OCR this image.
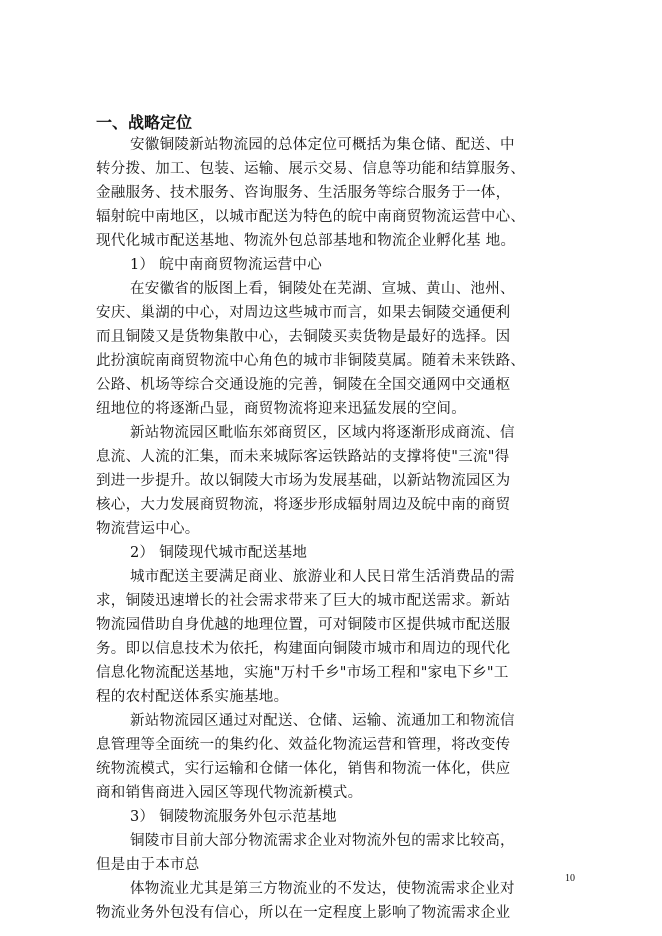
一、战略定位
安徽铜陵新站物流园的总体定位可概括为集仓储、配送、中
转分拨、加工、包装、运输、展示交易、信息等功能和结算服务、
金融服务、技术服务、咨询服务、生活服务等综合服务于一体，
辐射皖中南地区，以城市配送为特色的皖中南商贸物流运营中心、
现代化城市配送基地、物流外包总部基地和物流企业孵化基 地。
1） 皖中南商贸物流运营中心
在安徽省的版图上看，铜陵处在芜湖、宣城、黄山、池州、
安庆、巢湖的中心，对周边这些城市而言，如果去铜陵交通便利
而且铜陵又是货物集散中心，去铜陵买卖货物是最好的选择。因
此扮演皖南商贸物流中心角色的城市非铜陵莫属。随着未来铁路、
公路、机场等综合交通设施的完善，铜陵在全国交通网中交通枢
纽地位的将逐渐凸显，商贸物流将迎来迅猛发展的空间。
新站物流园区毗临东郊商贸区，区域内将逐渐形成商流、信
息流、人流的汇集，而未来城际客运铁路站的支撑将使"三流"得
到进一步提升。故以铜陵大市场为发展基础，以新站物流园区为
核心，大力发展商贸物流，将逐步形成辐射周边及皖中南的商贸
物流营运中心。
2） 铜陵现代城市配送基地
城市配送主要满足商业、旅游业和人民日常生活消费品的需
求，铜陵迅速增长的社会需求带来了巨大的城市配送需求。新站
物流园借助自身优越的地理位置，可对铜陵市区提供城市配送服
务。即以信息技术为依托，构建面向铜陵市城市和周边的现代化
信息化物流配送基地，实施"万村千乡"市场工程和"家电下乡"工
程的农村配送体系实施基地。
新站物流园区通过对配送、仓储、运输、流通加工和物流信
息管理等全面统一的集约化、效益化物流运营和管理，将改变传
统物流模式，实行运输和仓储一体化，销售和物流一体化，供应
商和销售商进入园区等现代物流新模式。
3） 铜陵物流服务外包示范基地
铜陵市目前大部分物流需求企业对物流外包的需求比较高，
但是由于本市总
体物流业尤其是第三方物流业的不发达，使物流需求企业对
物流业务外包没有信心，所以在一定程度上影响了物流需求企业
10
